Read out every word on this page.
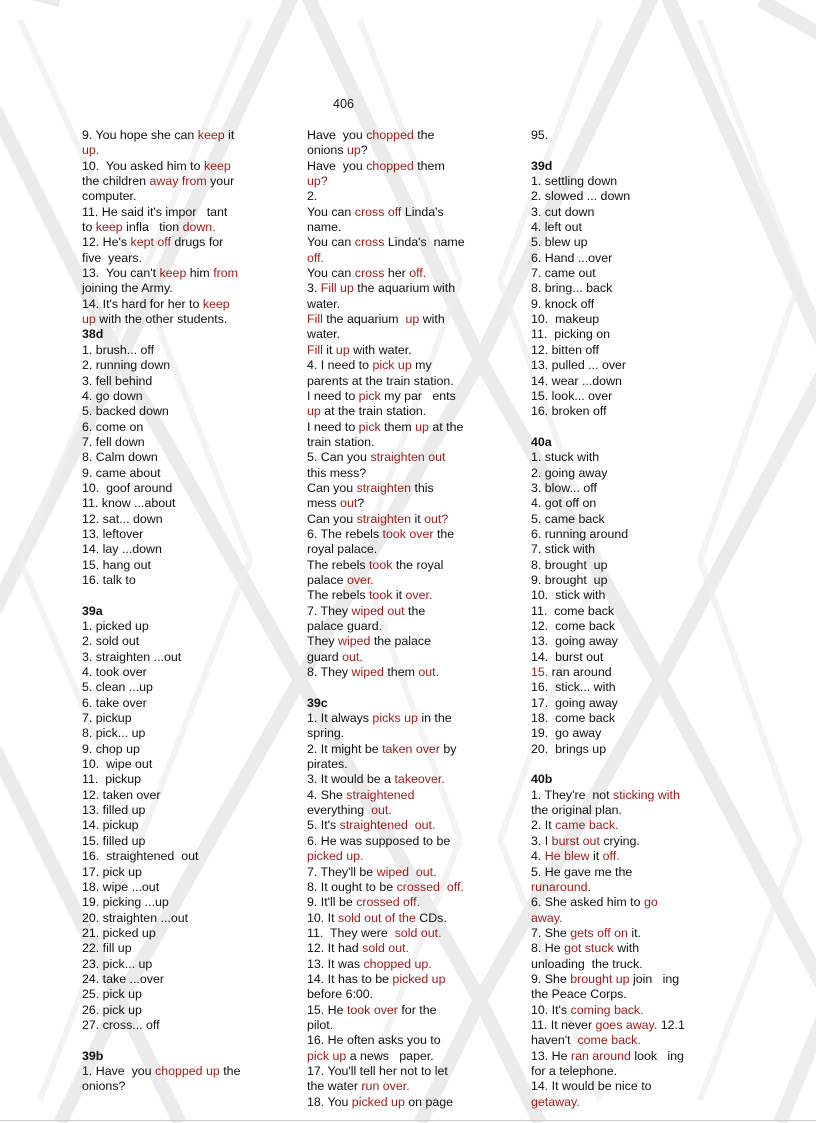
406
9. You hope she can keep it
up.
10.  You asked him to keep
the children away from your
computer.
11. He said it's impor   tant
to keep infla   tion down.
12. He's kept off drugs for
five  years.
13.  You can't keep him from
joining the Army.
14. It's hard for her to keep
up with the other students.
38d
1. brush... off
2. running down
3. fell behind
4. go down
5. backed down
6. come on
7. fell down
8. Calm down
9. came about
10.  goof around
11. know ...about
12. sat... down
13. leftover
14. lay ...down
15. hang out
16. talk to
39a
1. picked up
2. sold out
3. straighten ...out
4. took over
5. clean ...up
6. take over
7. pickup
8. pick... up
9. chop up
10.  wipe out
11.  pickup
12. taken over
13. filled up
14. pickup
15. filled up
16.  straightened  out
17. pick up
18. wipe ...out
19. picking ...up
20. straighten ...out
21. picked up
22. fill up
23. pick... up
24. take ...over
25. pick up
26. pick up
27. cross... off
39b
1. Have  you chopped up the
onions?
Have  you chopped the
onions up?
Have  you chopped them
up?
2.
You can cross off Linda's
name.
You can cross Linda's  name
off.
You can cross her off.
3. Fill up the aquarium with
water.
Fill the aquarium  up with
water.
Fill it up with water.
4. I need to pick up my
parents at the train station.
I need to pick my par   ents
up at the train station.
I need to pick them up at the
train station.
5. Can you straighten out
this mess?
Can you straighten this
mess out?
Can you straighten it out?
6. The rebels took over the
royal palace.
The rebels took the royal
palace over.
The rebels took it over.
7. They wiped out the
palace guard.
They wiped the palace
guard out.
8. They wiped them out.
39c
1. It always picks up in the
spring.
2. It might be taken over by
pirates.
3. It would be a takeover.
4. She straightened
everything  out.
5. It's straightened  out.
6. He was supposed to be
picked up.
7. They'll be wiped  out.
8. It ought to be crossed  off.
9. It'll be crossed off.
10. It sold out of the CDs.
11.  They were  sold out.
12. It had sold out.
13. It was chopped up.
14. It has to be picked up
before 6:00.
15. He took over for the
pilot.
16. He often asks you to
pick up a news   paper.
17. You'll tell her not to let
the water run over.
18. You picked up on page
95.
39d
1. settling down
2. slowed ... down
3. cut down
4. left out
5. blew up
6. Hand ...over
7. came out
8. bring... back
9. knock off
10.  makeup
11.  picking on
12. bitten off
13. pulled ... over
14. wear ...down
15. look... over
16. broken off
40a
1. stuck with
2. going away
3. blow... off
4. got off on
5. came back
6. running around
7. stick with
8. brought  up
9. brought  up
10.  stick with
11.  come back
12.  come back
13.  going away
14.  burst out
15. ran around
16.  stick... with
17.  going away
18.  come back
19.  go away
20.  brings up
40b
1. They're  not sticking with
the original plan.
2. It came back.
3. I burst out crying.
4. He blew it off.
5. He gave me the
runaround.
6. She asked him to go
away.
7. She gets off on it.
8. He got stuck with
unloading  the truck.
9. She brought up join   ing
the Peace Corps.
10. It's coming back.
11. It never goes away. 12.1
haven't  come back.
13. He ran around look   ing
for a telephone.
14. It would be nice to
getaway.
